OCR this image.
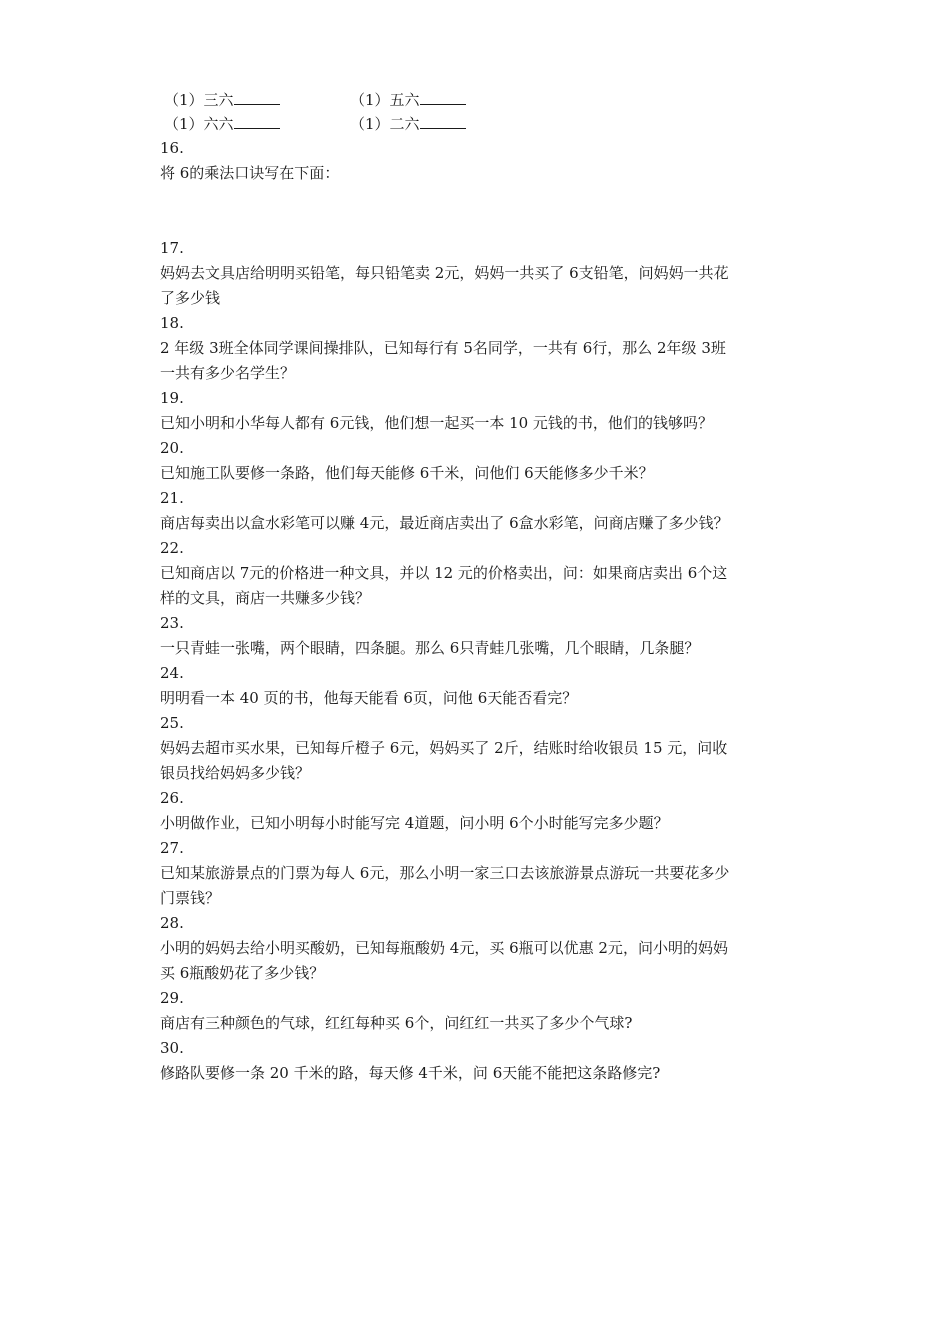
（1）三六	（1）五六
（1）六六	（1）二六
16.
将 6的乘法口诀写在下面：
17.
妈妈去文具店给明明买铅笔，每只铅笔卖 2元，妈妈一共买了 6支铅笔，问妈妈一共花
了多少钱
18.
2 年级 3班全体同学课间操排队，已知每行有 5名同学，一共有 6行，那么 2年级 3班
一共有多少名学生？
19.
已知小明和小华每人都有 6元钱，他们想一起买一本 10 元钱的书，他们的钱够吗？
20.
已知施工队要修一条路，他们每天能修 6千米，问他们 6天能修多少千米？
21.
商店每卖出以盒水彩笔可以赚 4元，最近商店卖出了 6盒水彩笔，问商店赚了多少钱？
22.
已知商店以 7元的价格进一种文具，并以 12 元的价格卖出，问：如果商店卖出 6个这
样的文具，商店一共赚多少钱？
23.
一只青蛙一张嘴，两个眼睛，四条腿。那么 6只青蛙几张嘴，几个眼睛，几条腿？
24.
明明看一本 40 页的书，他每天能看 6页，问他 6天能否看完？
25.
妈妈去超市买水果，已知每斤橙子 6元，妈妈买了 2斤，结账时给收银员 15 元，问收
银员找给妈妈多少钱？
26.
小明做作业，已知小明每小时能写完 4道题，问小明 6个小时能写完多少题？
27.
已知某旅游景点的门票为每人 6元，那么小明一家三口去该旅游景点游玩一共要花多少
门票钱？
28.
小明的妈妈去给小明买酸奶，已知每瓶酸奶 4元，买 6瓶可以优惠 2元，问小明的妈妈
买 6瓶酸奶花了多少钱？
29.
商店有三种颜色的气球，红红每种买 6个，问红红一共买了多少个气球?
30.
修路队要修一条 20 千米的路，每天修 4千米，问 6天能不能把这条路修完?
